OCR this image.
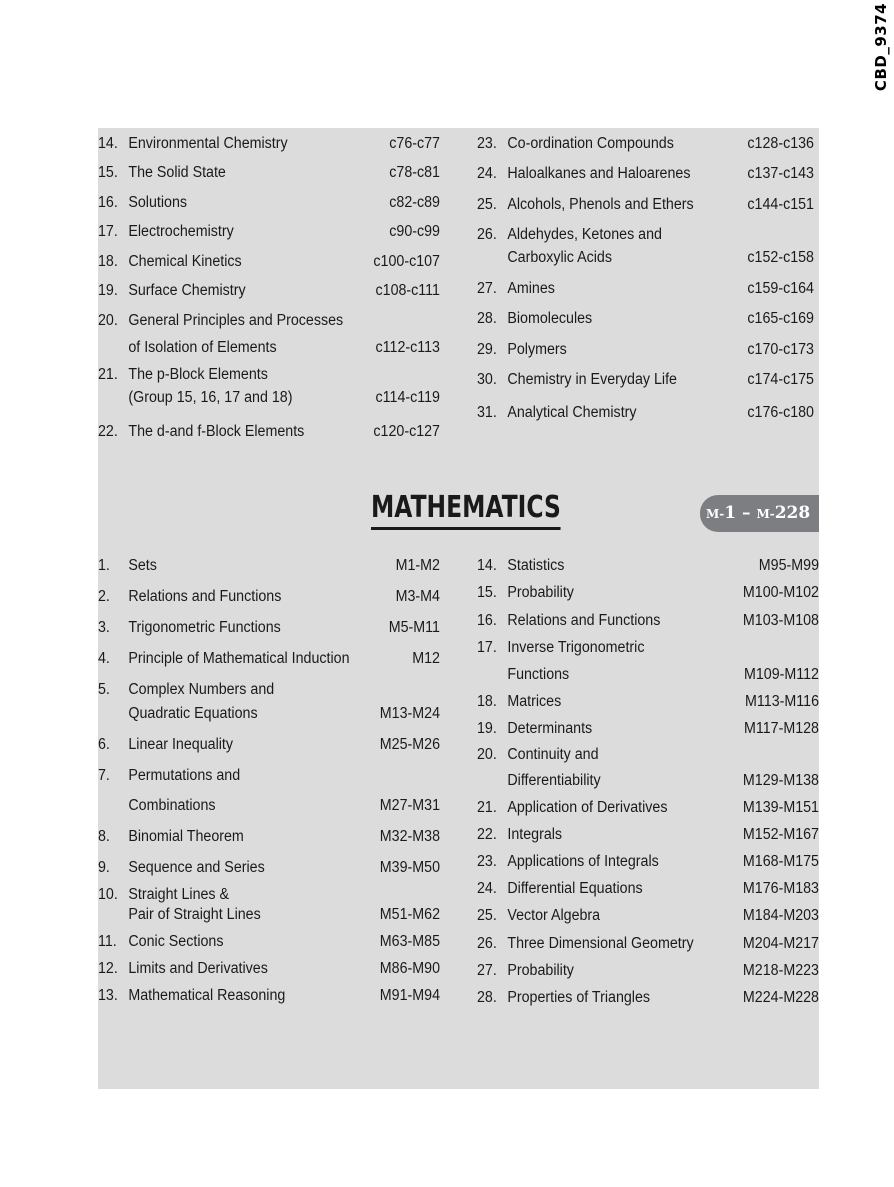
CBD_9374
14. Environmental Chemistry	c76-c77
15. The Solid State	c78-c81
16. Solutions	c82-c89
17. Electrochemistry	c90-c99
18. Chemical Kinetics	c100-c107
19. Surface Chemistry	c108-c111
20. General Principles and Processes
of Isolation of Elements	c112-c113
21. The p-Block Elements
(Group 15, 16, 17 and 18)	c114-c119
22. The d-and f-Block Elements	c120-c127
23. Co-ordination Compounds	c128-c136
24. Haloalkanes and Haloarenes	c137-c143
25. Alcohols, Phenols and Ethers	c144-c151
26. Aldehydes, Ketones and
Carboxylic Acids	c152-c158
27. Amines	c159-c164
28. Biomolecules	c165-c169
29. Polymers	c170-c173
30. Chemistry in Everyday Life	c174-c175
31. Analytical Chemistry	c176-c180
MATHEMATICS	M-1 – M-228
1. Sets	M1-M2
2. Relations and Functions	M3-M4
3. Trigonometric Functions	M5-M11
4. Principle of Mathematical Induction	M12
5. Complex Numbers and
Quadratic Equations	M13-M24
6. Linear Inequality	M25-M26
7. Permutations and
Combinations	M27-M31
8. Binomial Theorem	M32-M38
9. Sequence and Series	M39-M50
10. Straight Lines &
Pair of Straight Lines	M51-M62
11. Conic Sections	M63-M85
12. Limits and Derivatives	M86-M90
13. Mathematical Reasoning	M91-M94
14. Statistics	M95-M99
15. Probability	M100-M102
16. Relations and Functions	M103-M108
17. Inverse Trigonometric
Functions	M109-M112
18. Matrices	M113-M116
19. Determinants	M117-M128
20. Continuity and
Differentiability	M129-M138
21. Application of Derivatives	M139-M151
22. Integrals	M152-M167
23. Applications of Integrals	M168-M175
24. Differential Equations	M176-M183
25. Vector Algebra	M184-M203
26. Three Dimensional Geometry	M204-M217
27. Probability	M218-M223
28. Properties of Triangles	M224-M228
